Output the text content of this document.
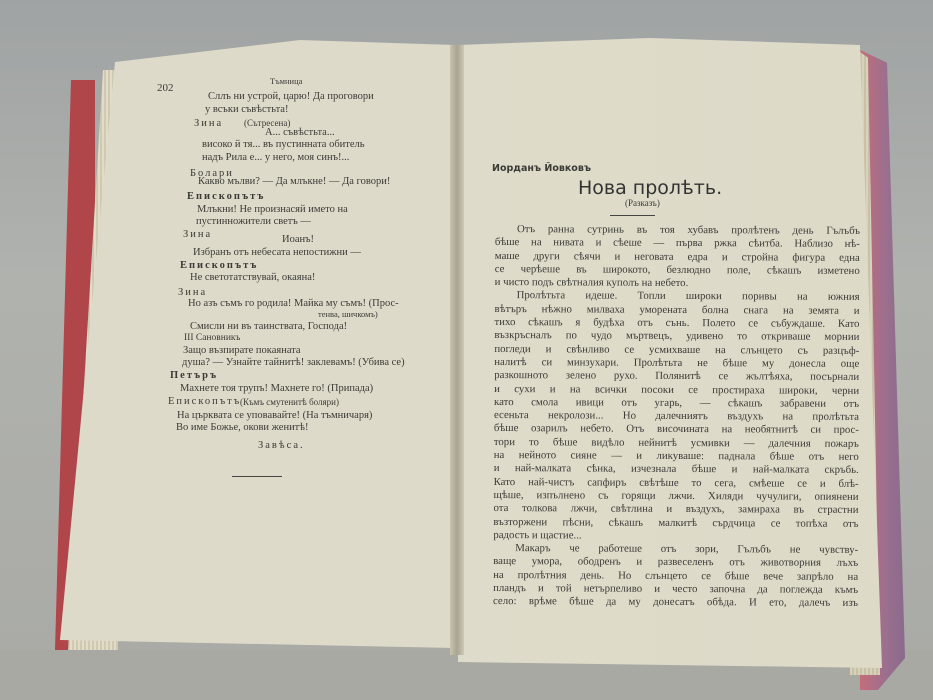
202
Тъмница
Сллъ ни устрой, царю! Да проговори
у всъки съвѣстьта!
Зина (Сътресена)
А... съвѣстьта...
високо й тя... въ пустинната обитель
надъ Рила е... у него, моя синъ!...
Болари
Какво мълви? — Да млъкне! — Да говори!
Епископътъ
Млъкни! Не произнасяй името на
пустинножители светъ —
Зина	Иоанъ!
Избранъ отъ небесата непостижни —
Епископътъ
Не светотатствувай, окаяна!
Зина
Но азъ съмъ го родила! Майка му съмъ! (Прос-
тенва, шичкомъ)
Смисли ни въ таинствата, Господа!
III Сановникъ
Защо възпирате покаяната
душа? — Узнайте тайнитѣ! заклевамъ! (Убива се)
Петъръ
Махнете тоя трупъ! Махнете го! (Припада)
Епископътъ
(Къмъ смутенитѣ боляри)
На църквата се уповавайте! (На тъмничаря)
Во име Божье, окови женитѣ!
Завѣса.
Иорданъ Йовковъ
Нова пролѣть.
(Разказъ)
Отъ ранна сутринь въ тоя хубавъ пролѣтенъ день Гълъбъ
бѣше на нивата и сѣеше — първа ржка сѣитба. Наблизо нѣ-
маше други сѣячи и неговата едра и стройна фигура една
се черѣеше въ широкото, безлюдно поле, сѣкашъ изметено
и чисто подъ свѣтналия куполъ на небето.
Пролѣтьта идеше. Топли широки поривы на южния
вѣтъръ нѣжно милваха уморената болна снага на земята и
тихо сѣкашъ я будѣха отъ сънь. Полето се събуждаше. Като
възкръсналъ по чудо мъртвецъ, удивено то откриваше морнии
погледи и свѣнливо се усмихваше на слънцето съ разцъф-
налитѣ си минзухари. Пролѣтьта не бѣше му донесла още
разкошното зелено рухо. Полянитѣ се жълтѣяха, посърнали
и сухи и на всички посоки се простираха широки, черни
като смола ивици отъ угарь, — сѣкашъ забравени отъ
есеньта некролози... Но далечниятъ въздухъ на пролѣтьта
бѣше озарилъ небето. Отъ височината на необятнитѣ си прос-
тори то бѣше видѣло нейнитѣ усмивки — далечния пожаръ
на нейното сияне — и ликуваше: паднала бѣше отъ него
и най-малката сѣнка, изчезнала бѣше и най-малката скръбь.
Като най-чистъ сапфиръ свѣтѣше то сега, смѣеше се и блѣ-
щѣше, изпълнено съ горящи лжчи. Хиляди чучулиги, опиянени
ота толкова лжчи, свѣтлина и въздухъ, замираха въ страстни
възторжени пѣсни, сѣкашъ малкитѣ сърдчица се топѣха отъ
радость и щастие...
Макаръ че работеше отъ зори, Гълъбъ не чувству-
ваще умора, ободренъ и развеселенъ отъ животворния лъхъ
на пролѣтния день. Но слънцето се бѣше вече запрѣло на
пландъ и той нетърпеливо и често започна да поглежда къмъ
село: врѣме бѣше да му донесатъ обѣда. И ето, далечъ изъ
